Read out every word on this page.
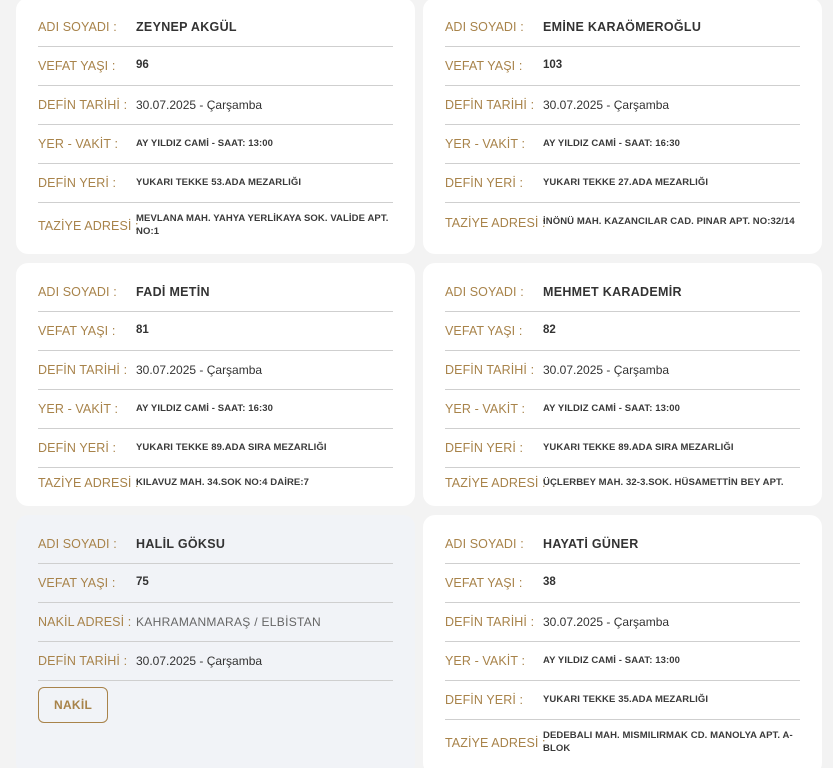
ADI SOYADI :	ZEYNEP AKGÜL
VEFAT YAŞI :	96
DEFİN TARİHİ : 30.07.2025 - Çarşamba
YER - VAKİT :	AY YILDIZ CAMİ - SAAT: 13:00
DEFİN YERİ :	YUKARI TEKKE 53.ADA MEZARLIĞI
TAZİYE ADRESİ :
MEVLANA MAH. YAHYA YERLİKAYA SOK. VALİDE APT. NO:1
ADI SOYADI :	EMİNE KARAÖMEROĞLU
VEFAT YAŞI :	103
DEFİN TARİHİ : 30.07.2025 - Çarşamba
YER - VAKİT :	AY YILDIZ CAMİ - SAAT: 16:30
DEFİN YERİ :	YUKARI TEKKE 27.ADA MEZARLIĞI
TAZİYE ADRESİ :
İNÖNÜ MAH. KAZANCILAR CAD. PINAR APT. NO:32/14
ADI SOYADI :	FADİ METİN
VEFAT YAŞI :	81
DEFİN TARİHİ : 30.07.2025 - Çarşamba
YER - VAKİT :	AY YILDIZ CAMİ - SAAT: 16:30
DEFİN YERİ :	YUKARI TEKKE 89.ADA SIRA MEZARLIĞI
TAZİYE ADRESİ :
KILAVUZ MAH. 34.SOK NO:4 DAİRE:7
ADI SOYADI :	MEHMET KARADEMİR
VEFAT YAŞI :	82
DEFİN TARİHİ : 30.07.2025 - Çarşamba
YER - VAKİT :	AY YILDIZ CAMİ - SAAT: 13:00
DEFİN YERİ :	YUKARI TEKKE 89.ADA SIRA MEZARLIĞI
TAZİYE ADRESİ :
ÜÇLERBEY MAH. 32-3.SOK. HÜSAMETTİN BEY APT.
ADI SOYADI :	HALİL GÖKSU
VEFAT YAŞI :	75
NAKİL ADRESİ : KAHRAMANMARAŞ / ELBİSTAN
DEFİN TARİHİ : 30.07.2025 - Çarşamba
NAKİL
ADI SOYADI :	HAYATİ GÜNER
VEFAT YAŞI :	38
DEFİN TARİHİ : 30.07.2025 - Çarşamba
YER - VAKİT :	AY YILDIZ CAMİ - SAAT: 13:00
DEFİN YERİ :	YUKARI TEKKE 35.ADA MEZARLIĞI
TAZİYE ADRESİ :
DEDEBALI MAH. MISMILIRMAK CD. MANOLYA APT. A-BLOK
